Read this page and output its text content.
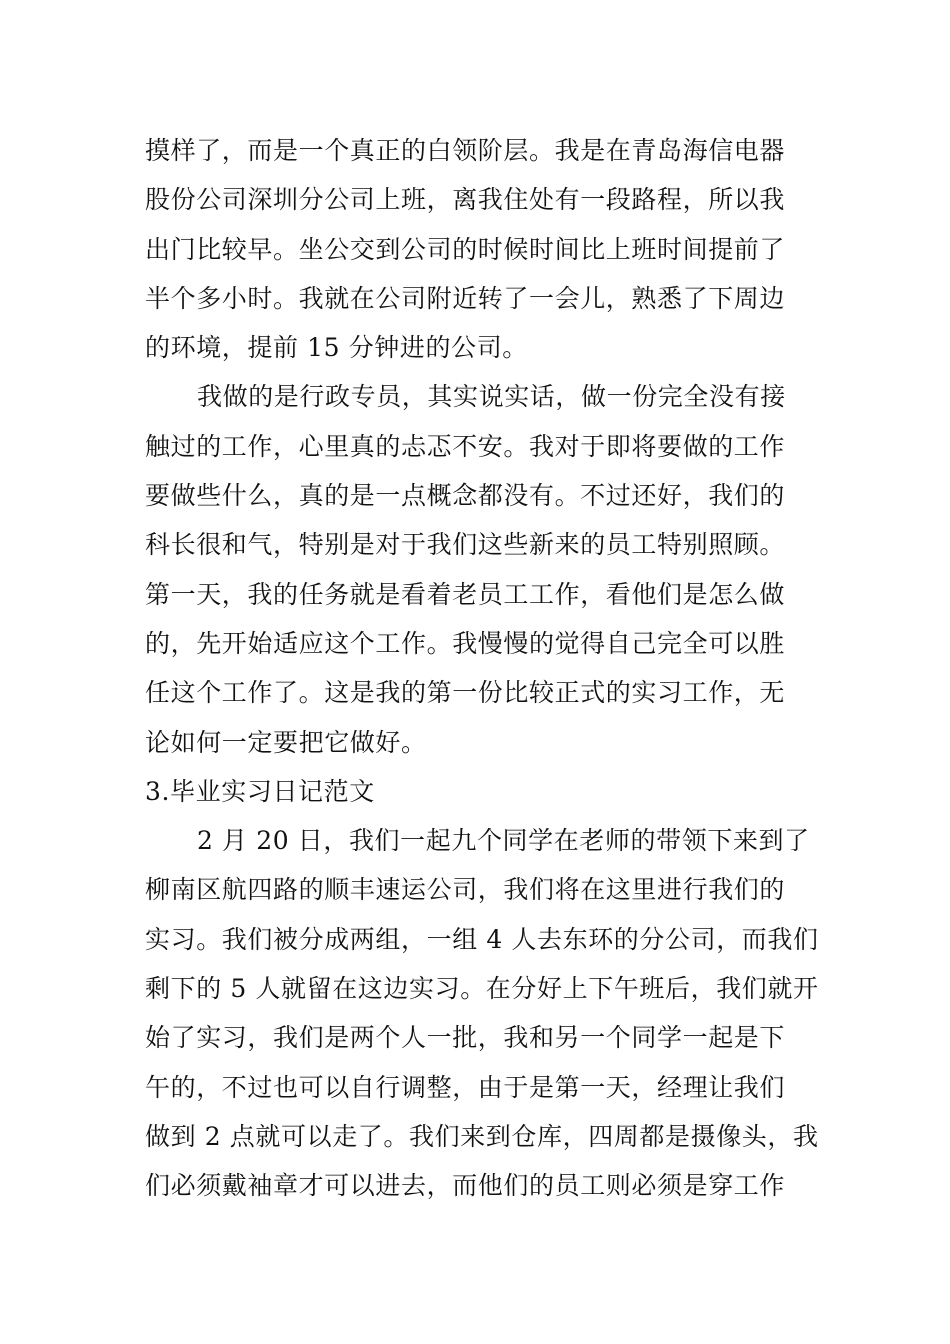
摸样了，而是一个真正的白领阶层。我是在青岛海信电器
股份公司深圳分公司上班，离我住处有一段路程，所以我
出门比较早。坐公交到公司的时候时间比上班时间提前了
半个多小时。我就在公司附近转了一会儿，熟悉了下周边
的环境，提前 15 分钟进的公司。
我做的是行政专员，其实说实话，做一份完全没有接
触过的工作，心里真的忐忑不安。我对于即将要做的工作
要做些什么，真的是一点概念都没有。不过还好，我们的
科长很和气，特别是对于我们这些新来的员工特别照顾。
第一天，我的任务就是看着老员工工作，看他们是怎么做
的，先开始适应这个工作。我慢慢的觉得自己完全可以胜
任这个工作了。这是我的第一份比较正式的实习工作，无
论如何一定要把它做好。
3.毕业实习日记范文
2 月 20 日，我们一起九个同学在老师的带领下来到了
柳南区航四路的顺丰速运公司，我们将在这里进行我们的
实习。我们被分成两组，一组 4 人去东环的分公司，而我们
剩下的 5 人就留在这边实习。在分好上下午班后，我们就开
始了实习，我们是两个人一批，我和另一个同学一起是下
午的，不过也可以自行调整，由于是第一天，经理让我们
做到 2 点就可以走了。我们来到仓库，四周都是摄像头，我
们必须戴袖章才可以进去，而他们的员工则必须是穿工作
